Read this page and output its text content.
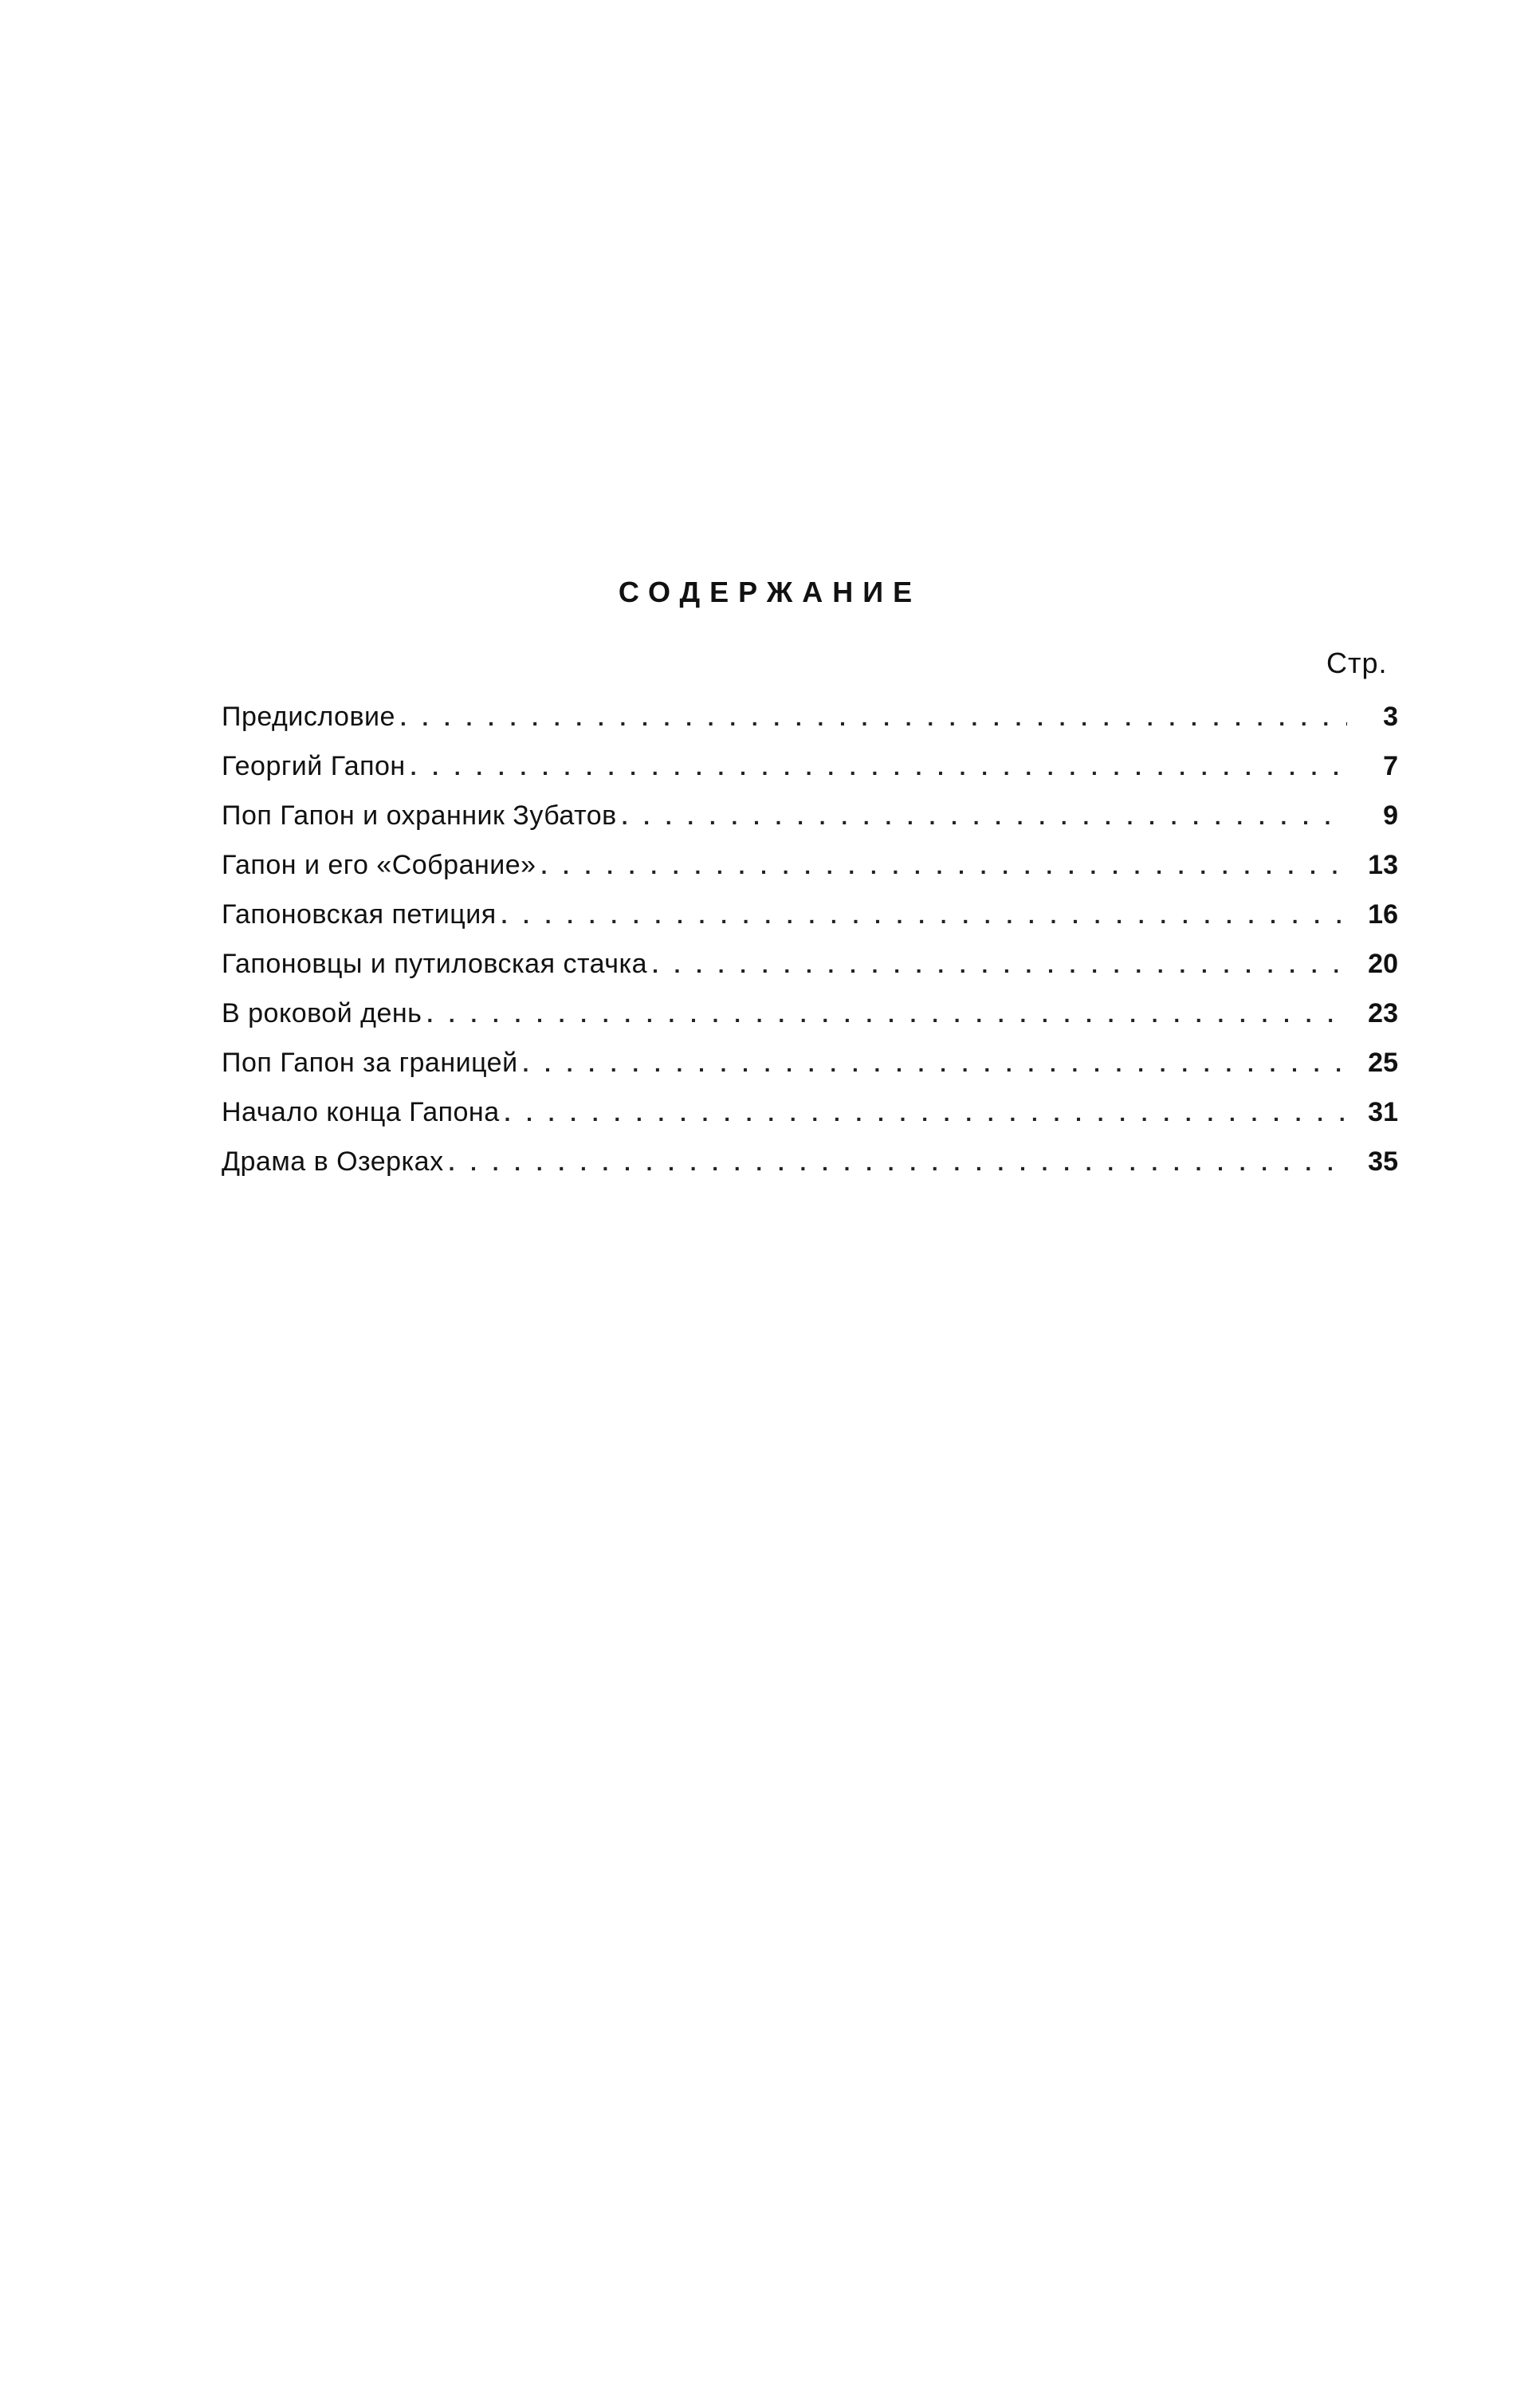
СОДЕРЖАНИЕ
Стр.
Предисловие . . .	3
Георгий Гапон . . .	7
Поп Гапон и охранник Зубатов . . .	9
Гапон и его «Собрание» . . .	13
Гапоновская петиция . . .	16
Гапоновцы и путиловская стачка . . .	20
В роковой день . . .	23
Поп Гапон за границей . . .	25
Начало конца Гапона . . .	31
Драма в Озерках . . .	35
